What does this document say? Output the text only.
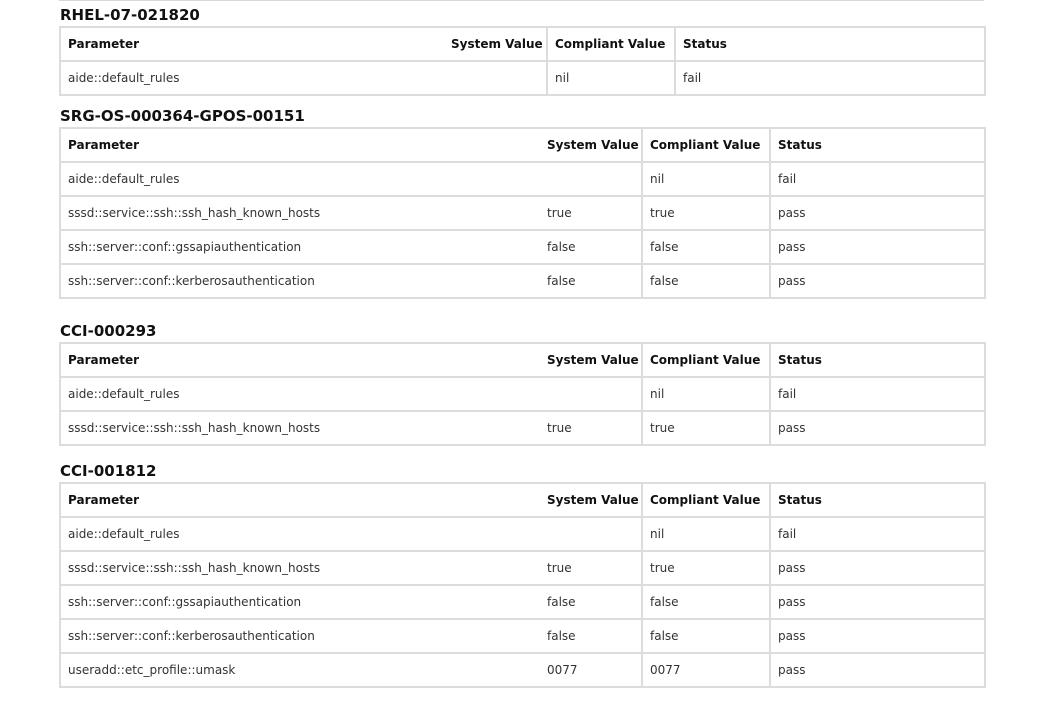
RHEL-07-021820
Parameter	System Value	Compliant Value	Status
aide::default_rules		nil	fail
SRG-OS-000364-GPOS-00151
Parameter	System Value	Compliant Value	Status
aide::default_rules		nil	fail
sssd::service::ssh::ssh_hash_known_hosts	true	true	pass
ssh::server::conf::gssapiauthentication	false	false	pass
ssh::server::conf::kerberosauthentication	false	false	pass
CCI-000293
Parameter	System Value	Compliant Value	Status
aide::default_rules		nil	fail
sssd::service::ssh::ssh_hash_known_hosts	true	true	pass
CCI-001812
Parameter	System Value	Compliant Value	Status
aide::default_rules		nil	fail
sssd::service::ssh::ssh_hash_known_hosts	true	true	pass
ssh::server::conf::gssapiauthentication	false	false	pass
ssh::server::conf::kerberosauthentication	false	false	pass
useradd::etc_profile::umask	0077	0077	pass
